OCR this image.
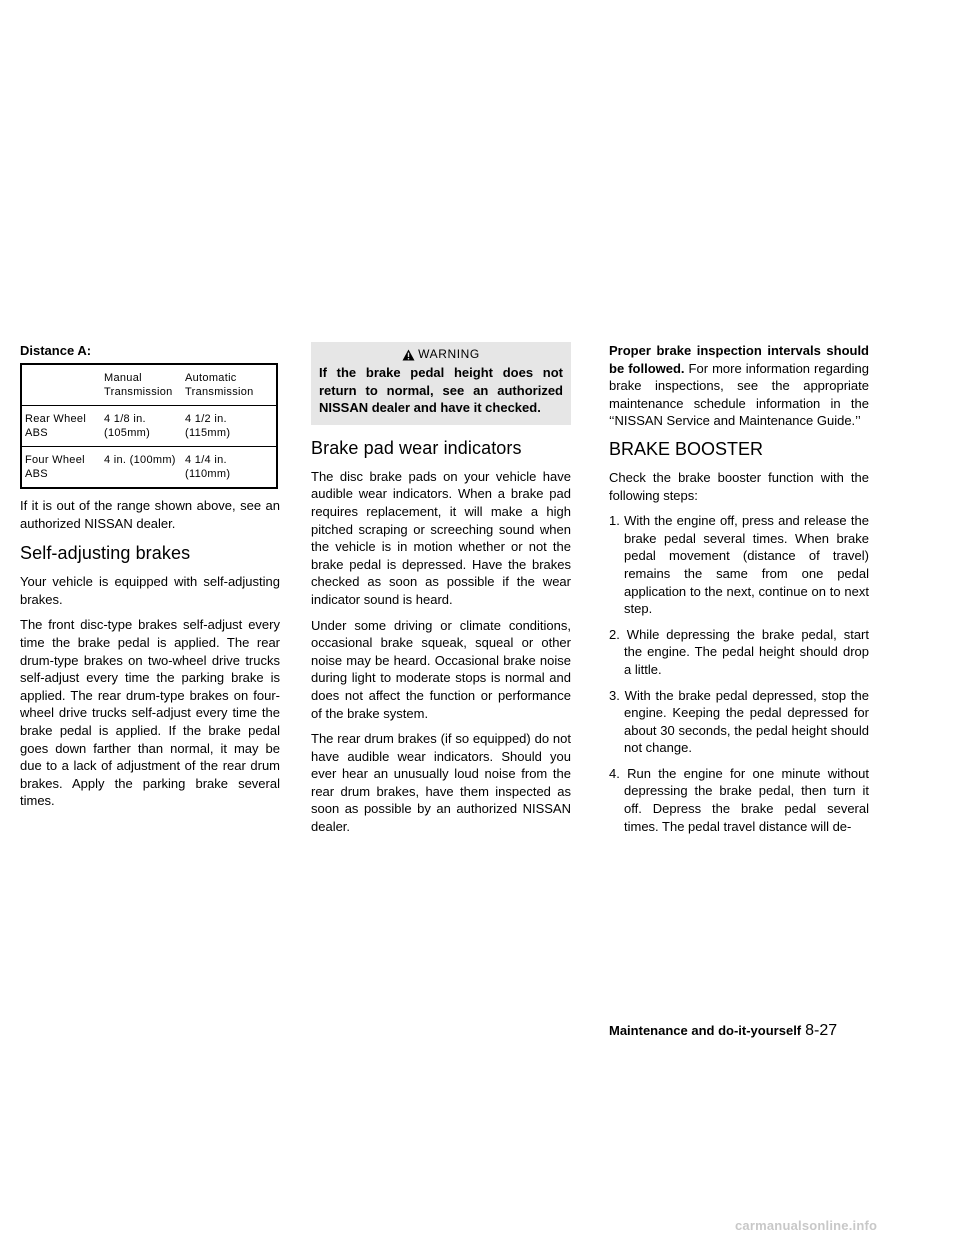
Distance A:
	Manual Transmission	Automatic Transmission
Rear Wheel ABS	4 1/8 in. (105mm)	4 1/2 in. (115mm)
Four Wheel ABS	4 in. (100mm)	4 1/4 in. (110mm)

If it is out of the range shown above, see an authorized NISSAN dealer.

Self-adjusting brakes

Your vehicle is equipped with self-adjusting brakes.

The front disc-type brakes self-adjust every time the brake pedal is applied. The rear drum-type brakes on two-wheel drive trucks self-adjust every time the parking brake is applied. The rear drum-type brakes on four-wheel drive trucks self-adjust every time the brake pedal is applied. If the brake pedal goes down farther than normal, it may be due to a lack of adjustment of the rear drum brakes. Apply the parking brake several times.

WARNING

If the brake pedal height does not return to normal, see an authorized NISSAN dealer and have it checked.

Brake pad wear indicators

The disc brake pads on your vehicle have audible wear indicators. When a brake pad requires replacement, it will make a high pitched scraping or screeching sound when the vehicle is in motion whether or not the brake pedal is depressed. Have the brakes checked as soon as possible if the wear indicator sound is heard.

Under some driving or climate conditions, occasional brake squeak, squeal or other noise may be heard. Occasional brake noise during light to moderate stops is normal and does not affect the function or performance of the brake system.

The rear drum brakes (if so equipped) do not have audible wear indicators. Should you ever hear an unusually loud noise from the rear drum brakes, have them inspected as soon as possible by an authorized NISSAN dealer.

Proper brake inspection intervals should be followed. For more information regarding brake inspections, see the appropriate maintenance schedule information in the ‘‘NISSAN Service and Maintenance Guide.’’

BRAKE BOOSTER

Check the brake booster function with the following steps:

1. With the engine off, press and release the brake pedal several times. When brake pedal movement (distance of travel) remains the same from one pedal application to the next, continue on to next step.
2. While depressing the brake pedal, start the engine. The pedal height should drop a little.
3. With the brake pedal depressed, stop the engine. Keeping the pedal depressed for about 30 seconds, the pedal height should not change.
4. Run the engine for one minute without depressing the brake pedal, then turn it off. Depress the brake pedal several times. The pedal travel distance will de-
Maintenance and do-it-yourself 8-27
carmanualsonline.info
